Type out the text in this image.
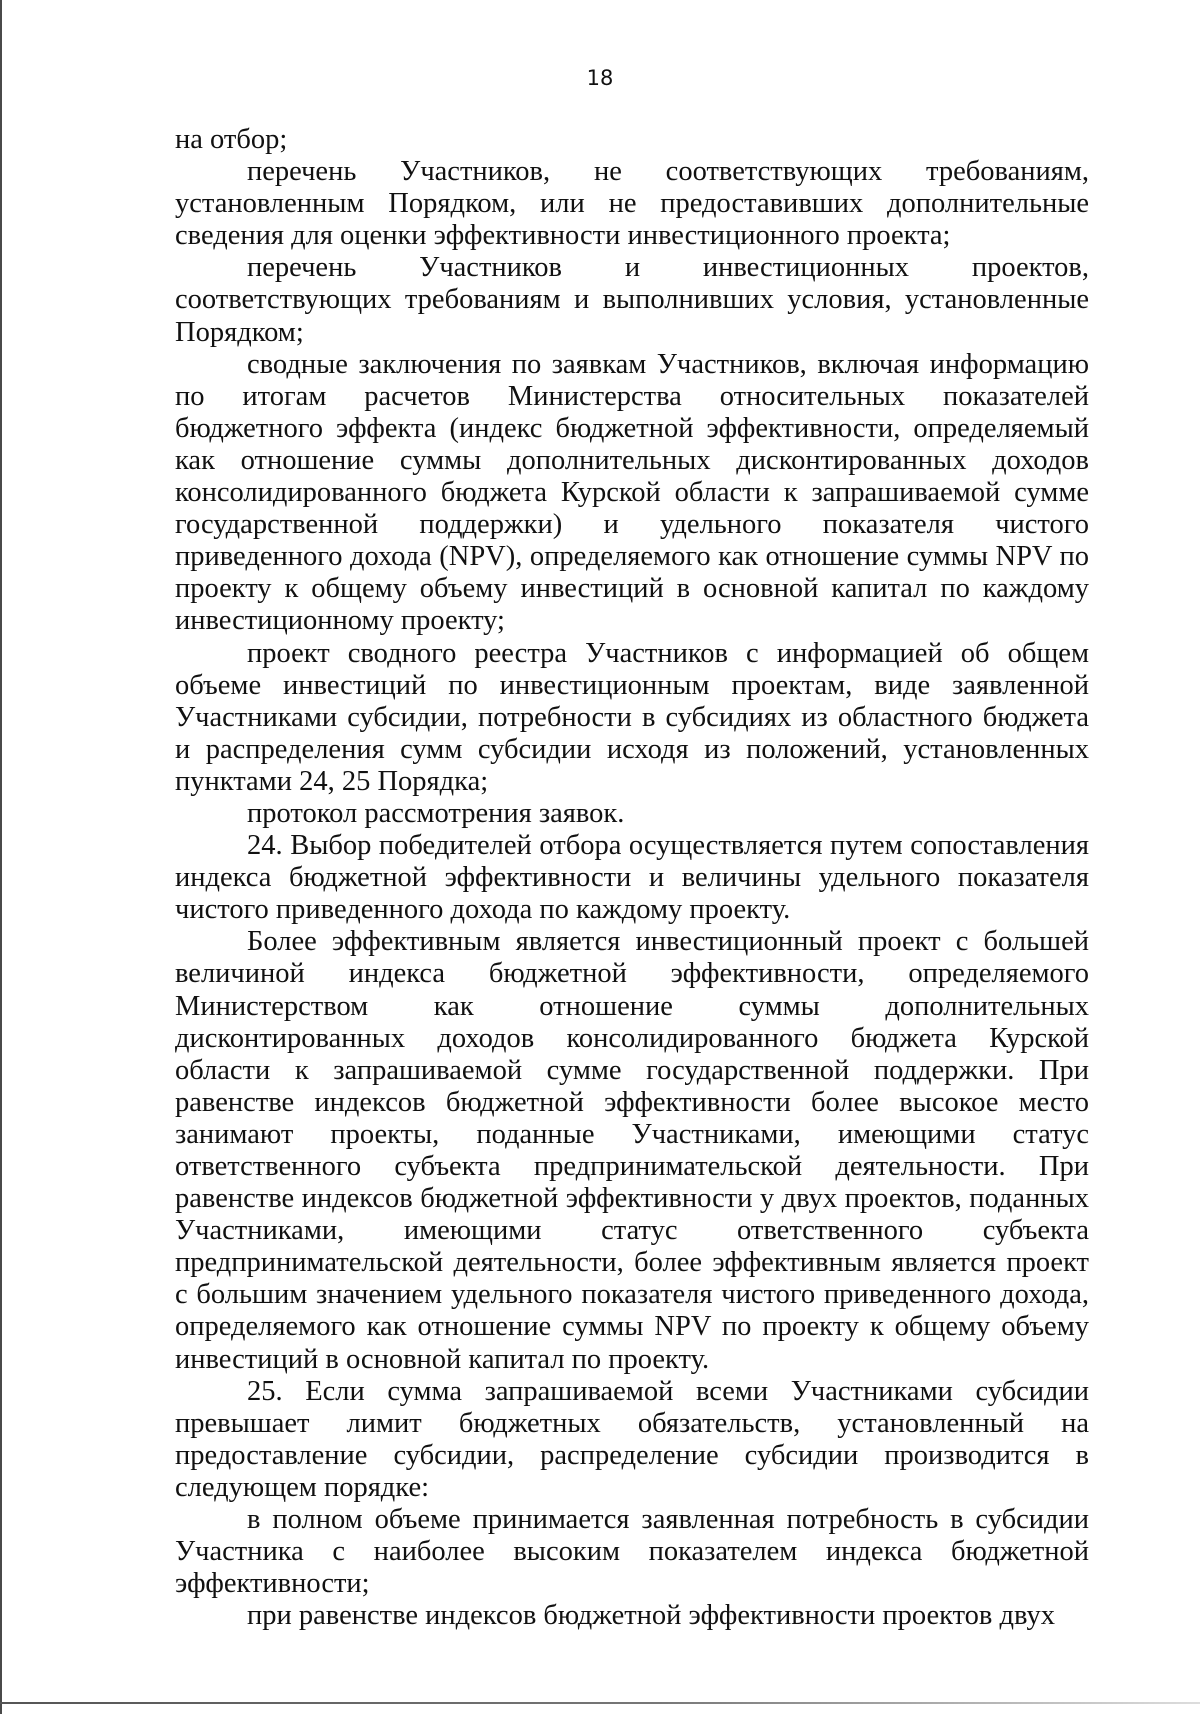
18

на отбор;

перечень Участников, не соответствующих требованиям, установленным Порядком, или не предоставивших дополнительные сведения для оценки эффективности инвестиционного проекта;

перечень Участников и инвестиционных проектов, соответствующих требованиям и выполнивших условия, установленные Порядком;

сводные заключения по заявкам Участников, включая информацию по итогам расчетов Министерства относительных показателей бюджетного эффекта (индекс бюджетной эффективности, определяемый как отношение суммы дополнительных дисконтированных доходов консолидированного бюджета Курской области к запрашиваемой сумме государственной поддержки) и удельного показателя чистого приведенного дохода (NPV), определяемого как отношение суммы NPV по проекту к общему объему инвестиций в основной капитал по каждому инвестиционному проекту;

проект сводного реестра Участников с информацией об общем объеме инвестиций по инвестиционным проектам, виде заявленной Участниками субсидии, потребности в субсидиях из областного бюджета и распределения сумм субсидии исходя из положений, установленных пунктами 24, 25 Порядка;

протокол рассмотрения заявок.

24. Выбор победителей отбора осуществляется путем сопоставления индекса бюджетной эффективности и величины удельного показателя чистого приведенного дохода по каждому проекту.

Более эффективным является инвестиционный проект с большей величиной индекса бюджетной эффективности, определяемого Министерством как отношение суммы дополнительных дисконтированных доходов консолидированного бюджета Курской области к запрашиваемой сумме государственной поддержки. При равенстве индексов бюджетной эффективности более высокое место занимают проекты, поданные Участниками, имеющими статус ответственного субъекта предпринимательской деятельности. При равенстве индексов бюджетной эффективности у двух проектов, поданных Участниками, имеющими статус ответственного субъекта предпринимательской деятельности, более эффективным является проект с большим значением удельного показателя чистого приведенного дохода, определяемого как отношение суммы NPV по проекту к общему объему инвестиций в основной капитал по проекту.

25. Если сумма запрашиваемой всеми Участниками субсидии превышает лимит бюджетных обязательств, установленный на предоставление субсидии, распределение субсидии производится в следующем порядке:

в полном объеме принимается заявленная потребность в субсидии Участника с наиболее высоким показателем индекса бюджетной эффективности;

при равенстве индексов бюджетной эффективности проектов двух
